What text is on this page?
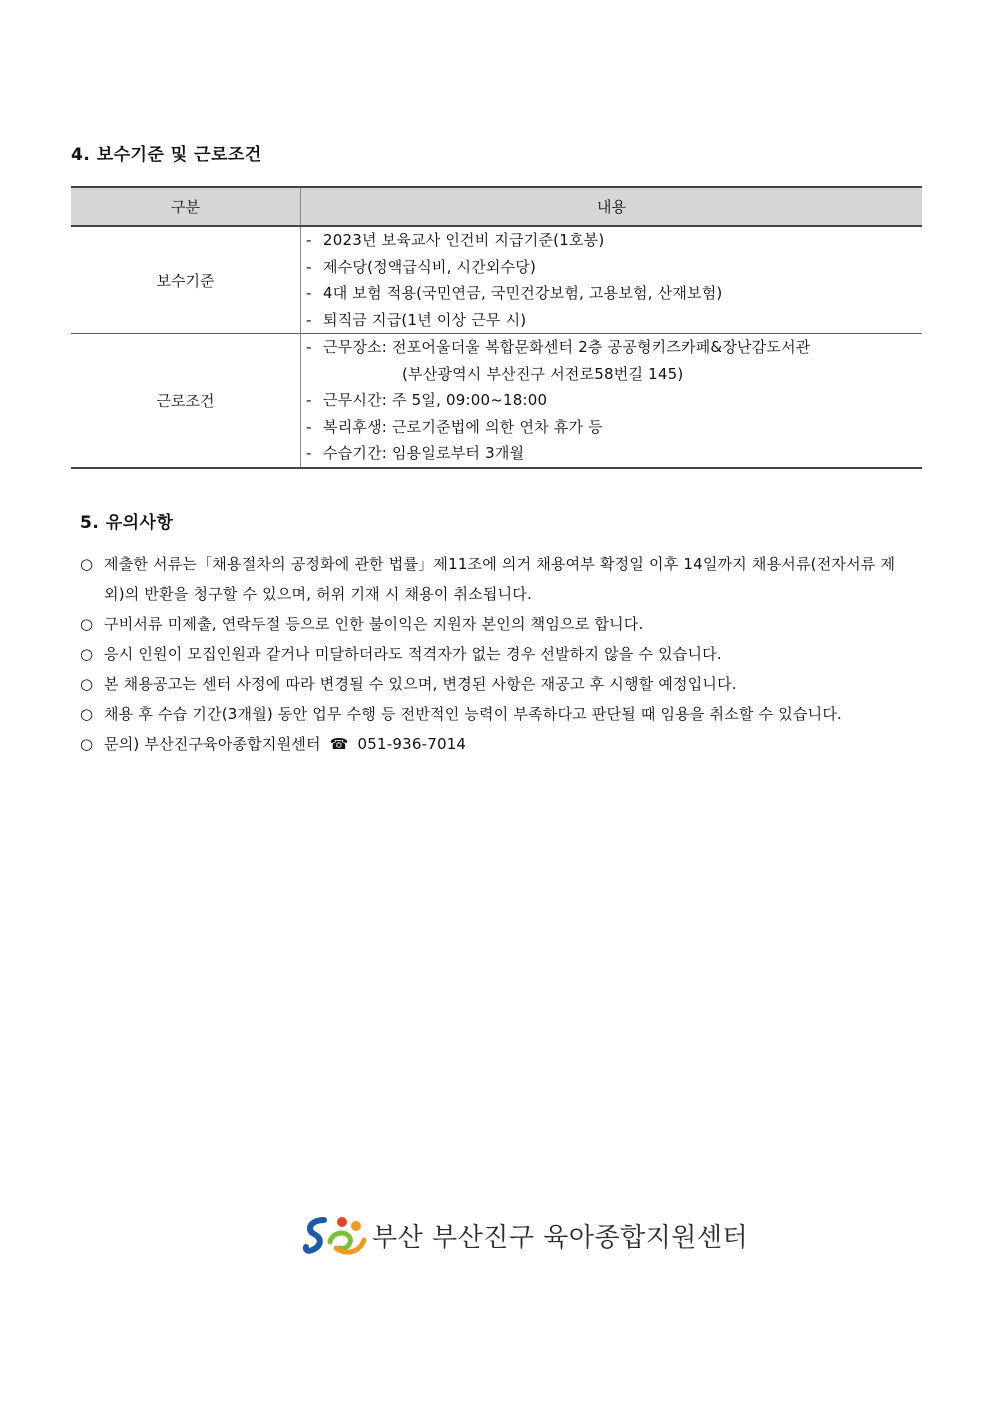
4. 보수기준 및 근로조건
구분	내용
보수기준	- 2023년 보육교사 인건비 지급기준(1호봉)
- 제수당(정액급식비, 시간외수당)
- 4대 보험 적용(국민연금, 국민건강보험, 고용보험, 산재보험)
- 퇴직금 지급(1년 이상 근무 시)

근로조건	- 근무장소: 전포어울더울 복합문화센터 2층 공공형키즈카페&장난감도서관
(부산광역시 부산진구 서전로58번길 145)
- 근무시간: 주 5일, 09:00~18:00
- 복리후생: 근로기준법에 의한 연차 휴가 등
- 수습기간: 임용일로부터 3개월
5. 유의사항
○ 제출한 서류는「채용절차의 공정화에 관한 법률」제11조에 의거 채용여부 확정일 이후 14일까지 채용서류(전자서류 제외)의 반환을 청구할 수 있으며, 허위 기재 시 채용이 취소됩니다.
○ 구비서류 미제출, 연락두절 등으로 인한 불이익은 지원자 본인의 책임으로 합니다.
○ 응시 인원이 모집인원과 같거나 미달하더라도 적격자가 없는 경우 선발하지 않을 수 있습니다.
○ 본 채용공고는 센터 사정에 따라 변경될 수 있으며, 변경된 사항은 재공고 후 시행할 예정입니다.
○ 채용 후 수습 기간(3개월) 동안 업무 수행 등 전반적인 능력이 부족하다고 판단될 때 임용을 취소할 수 있습니다.
○ 문의) 부산진구육아종합지원센터 ☎ 051-936-7014
부산 부산진구 육아종합지원센터
